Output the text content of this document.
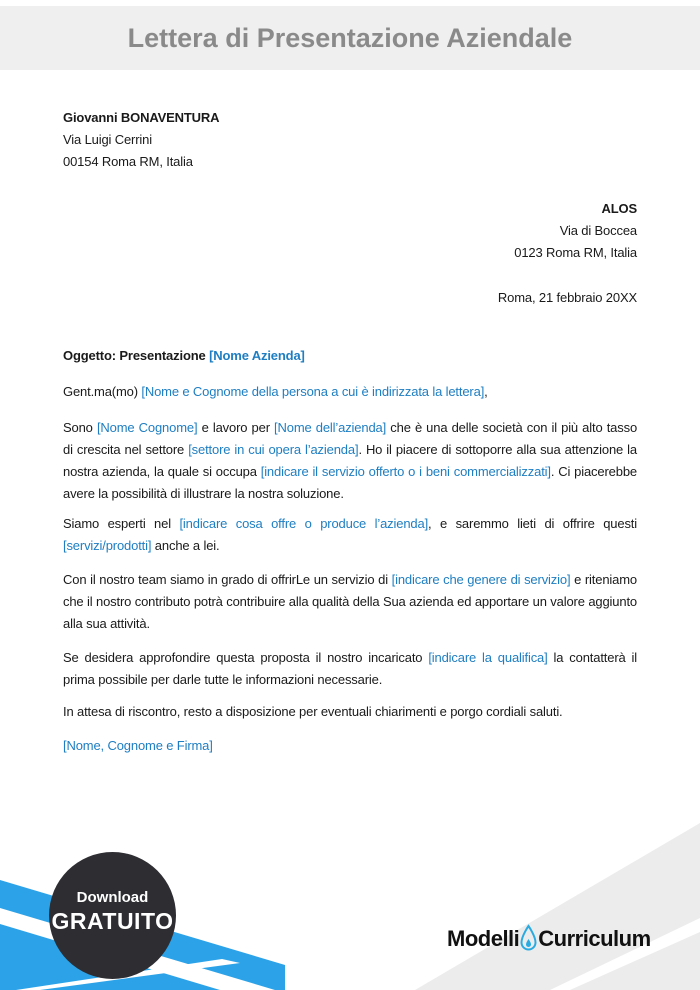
Lettera di Presentazione Aziendale
Giovanni BONAVENTURA
Via Luigi Cerrini
00154 Roma RM, Italia
ALOS
Via di Boccea
0123 Roma RM, Italia
Roma, 21 febbraio 20XX
Oggetto: Presentazione [Nome Azienda]
Gent.ma(mo) [Nome e Cognome della persona a cui è indirizzata la lettera],
Sono [Nome Cognome] e lavoro per [Nome dell’azienda] che è una delle società con il più alto tasso di crescita nel settore [settore in cui opera l’azienda]. Ho il piacere di sottoporre alla sua attenzione la nostra azienda, la quale si occupa [indicare il servizio offerto o i beni commercializzati]. Ci piacerebbe avere la possibilità di illustrare la nostra soluzione.
Siamo esperti nel [indicare cosa offre o produce l’azienda], e saremmo lieti di offrire questi [servizi/prodotti] anche a lei.
Con il nostro team siamo in grado di offrirLe un servizio di [indicare che genere di servizio] e riteniamo che il nostro contributo potrà contribuire alla qualità della Sua azienda ed apportare un valore aggiunto alla sua attività.
Se desidera approfondire questa proposta il nostro incaricato [indicare la qualifica] la contatterà il prima possibile per darle tutte le informazioni necessarie.
In attesa di riscontro, resto a disposizione per eventuali chiarimenti e porgo cordiali saluti.
[Nome, Cognome e Firma]
Download
GRATUITO
Modelli Curriculum
